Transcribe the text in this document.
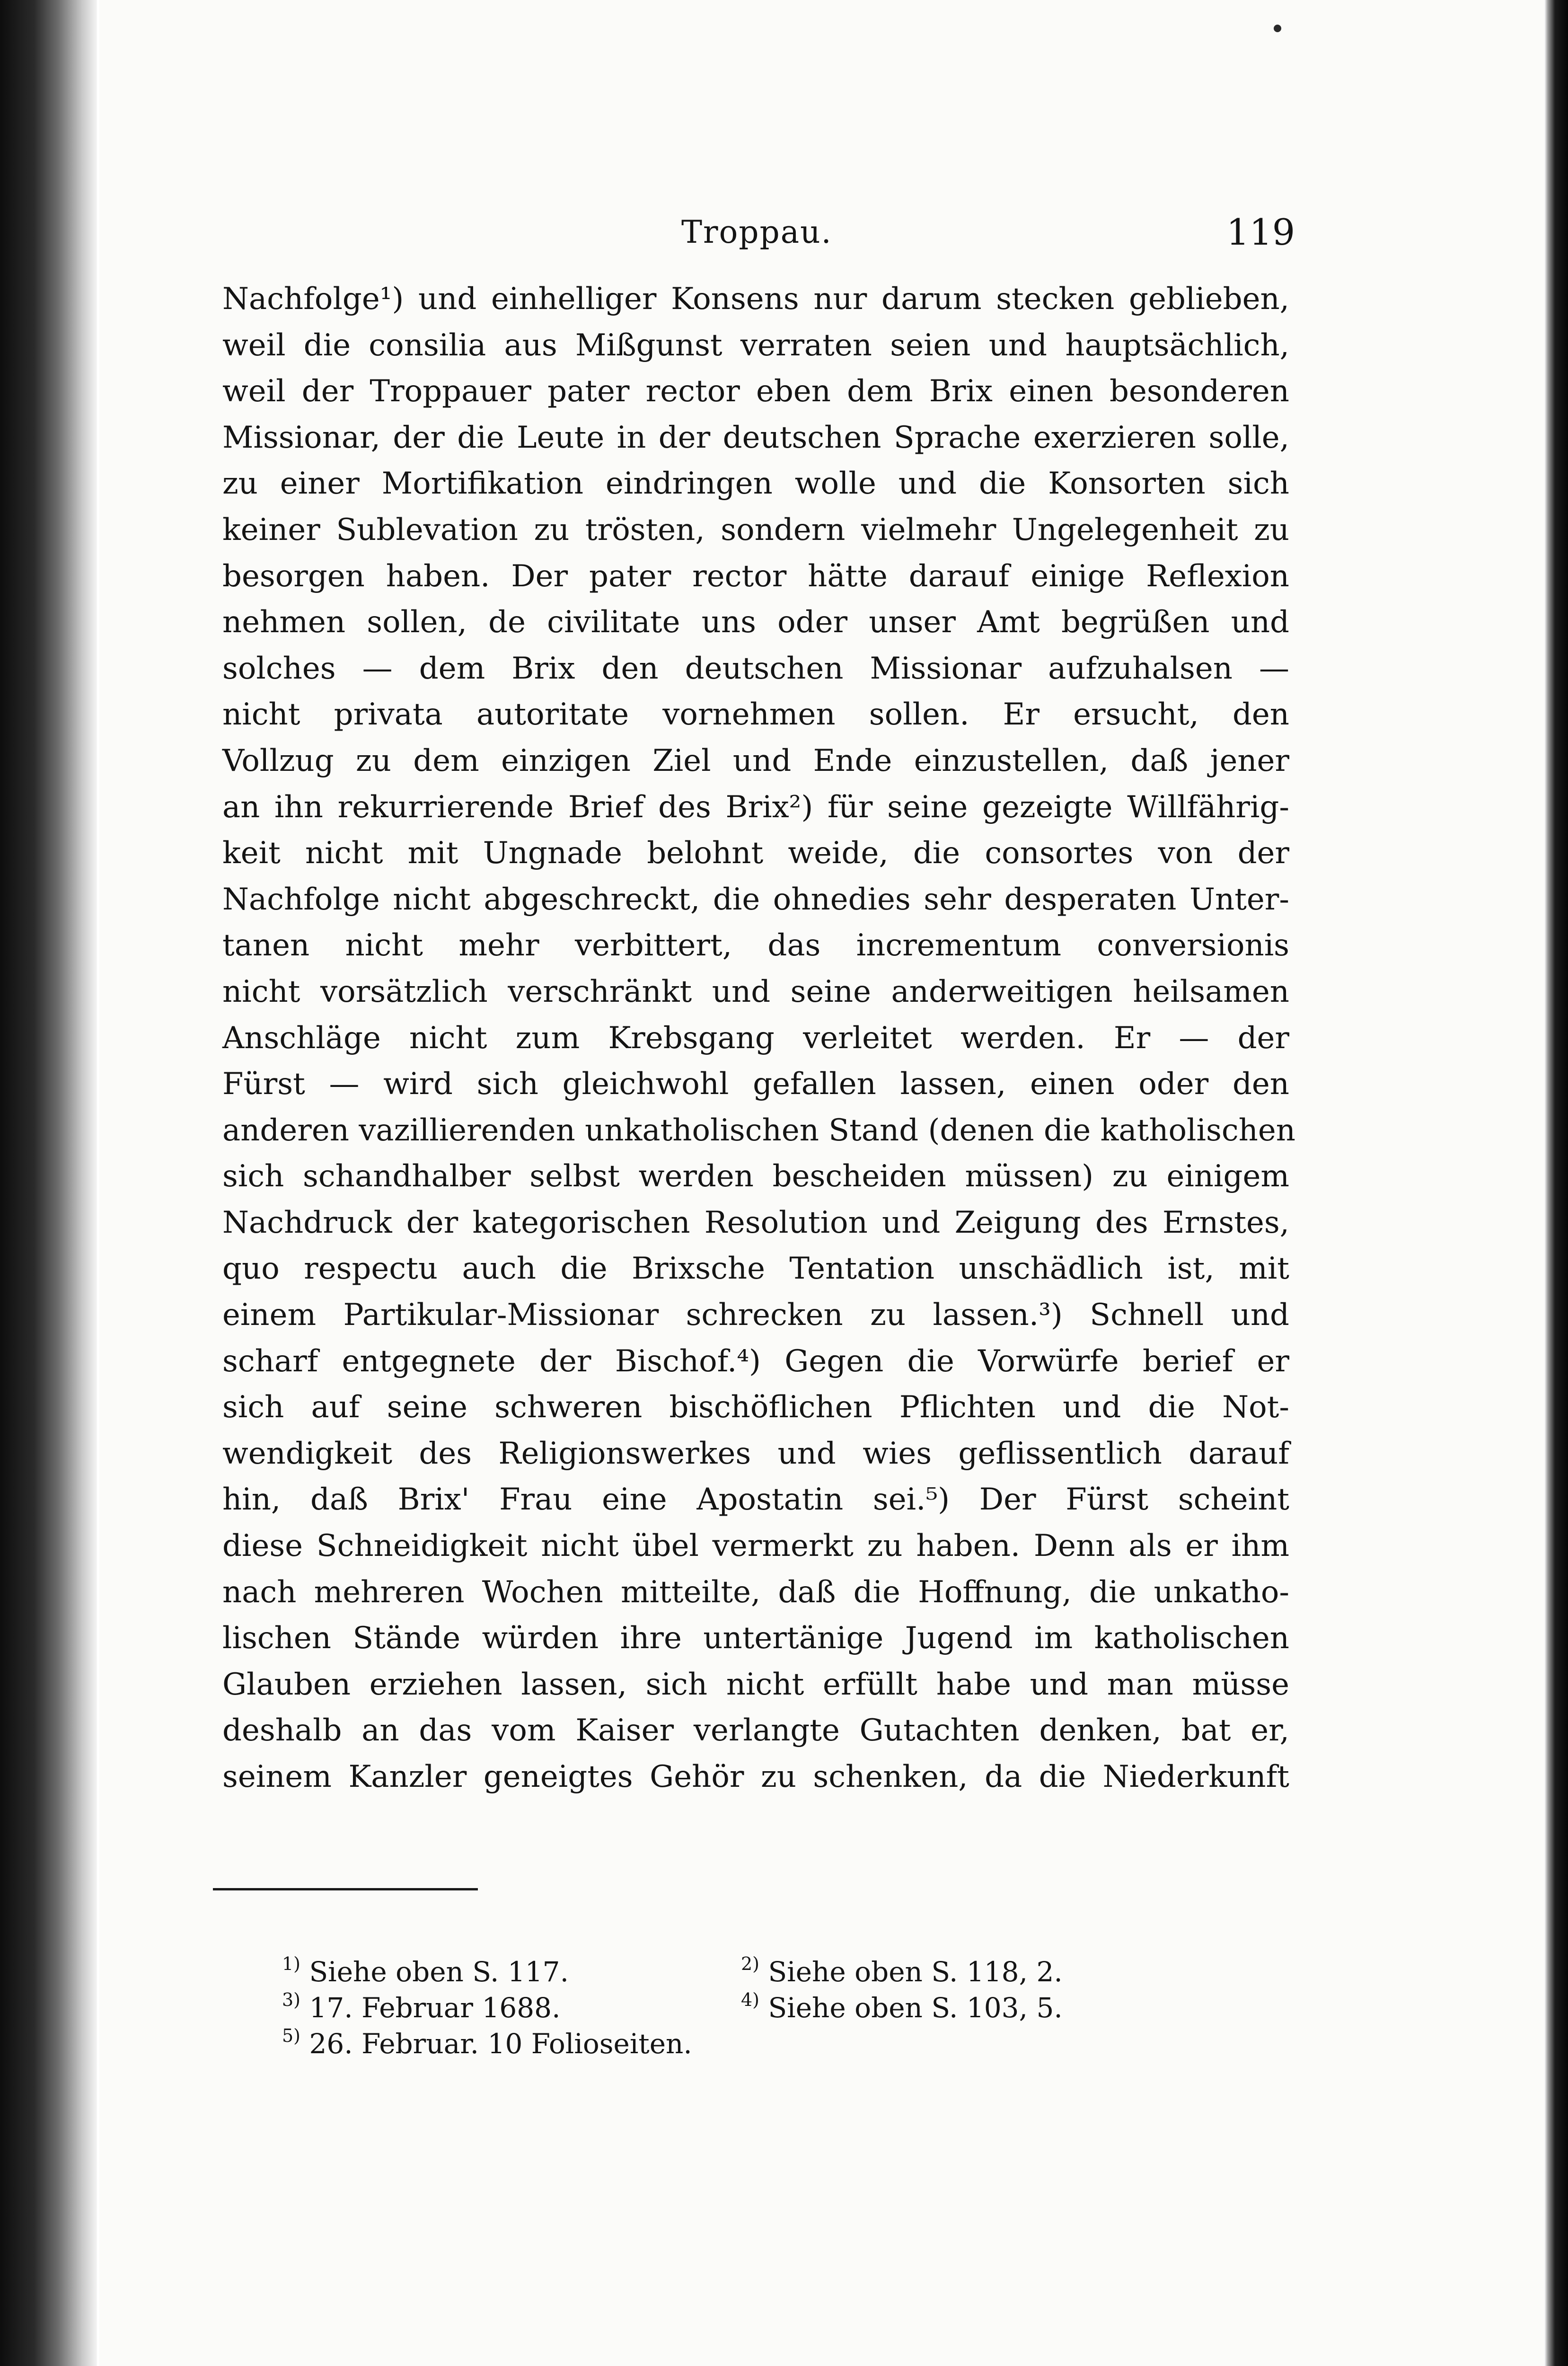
Troppau.	119
Nachfolge¹) und einhelliger Konsens nur darum stecken geblieben,
weil die consilia aus Mißgunst verraten seien und hauptsächlich,
weil der Troppauer pater rector eben dem Brix einen besonderen
Missionar, der die Leute in der deutschen Sprache exerzieren solle,
zu einer Mortifikation eindringen wolle und die Konsorten sich
keiner Sublevation zu trösten, sondern vielmehr Ungelegenheit zu
besorgen haben. Der pater rector hätte darauf einige Reflexion
nehmen sollen, de civilitate uns oder unser Amt begrüßen und
solches — dem Brix den deutschen Missionar aufzuhalsen —
nicht privata autoritate vornehmen sollen. Er ersucht, den
Vollzug zu dem einzigen Ziel und Ende einzustellen, daß jener
an ihn rekurrierende Brief des Brix²) für seine gezeigte Willfährig-
keit nicht mit Ungnade belohnt weide, die consortes von der
Nachfolge nicht abgeschreckt, die ohnedies sehr desperaten Unter-
tanen nicht mehr verbittert, das incrementum conversionis
nicht vorsätzlich verschränkt und seine anderweitigen heilsamen
Anschläge nicht zum Krebsgang verleitet werden. Er — der
Fürst — wird sich gleichwohl gefallen lassen, einen oder den
anderen vazillierenden unkatholischen Stand (denen die katholischen
sich schandhalber selbst werden bescheiden müssen) zu einigem
Nachdruck der kategorischen Resolution und Zeigung des Ernstes,
quo respectu auch die Brixsche Tentation unschädlich ist, mit
einem Partikular-Missionar schrecken zu lassen.³) Schnell und
scharf entgegnete der Bischof.⁴) Gegen die Vorwürfe berief er
sich auf seine schweren bischöflichen Pflichten und die Not-
wendigkeit des Religionswerkes und wies geflissentlich darauf
hin, daß Brix' Frau eine Apostatin sei.⁵) Der Fürst scheint
diese Schneidigkeit nicht übel vermerkt zu haben. Denn als er ihm
nach mehreren Wochen mitteilte, daß die Hoffnung, die unkatho-
lischen Stände würden ihre untertänige Jugend im katholischen
Glauben erziehen lassen, sich nicht erfüllt habe und man müsse
deshalb an das vom Kaiser verlangte Gutachten denken, bat er,
seinem Kanzler geneigtes Gehör zu schenken, da die Niederkunft
$^{1)}$ Siehe oben S. 117.	$^{2)}$ Siehe oben S. 118, 2.
$^{3)}$ 17. Februar 1688.	$^{4)}$ Siehe oben S. 103, 5.
$^{5)}$ 26. Februar. 10 Folioseiten.
